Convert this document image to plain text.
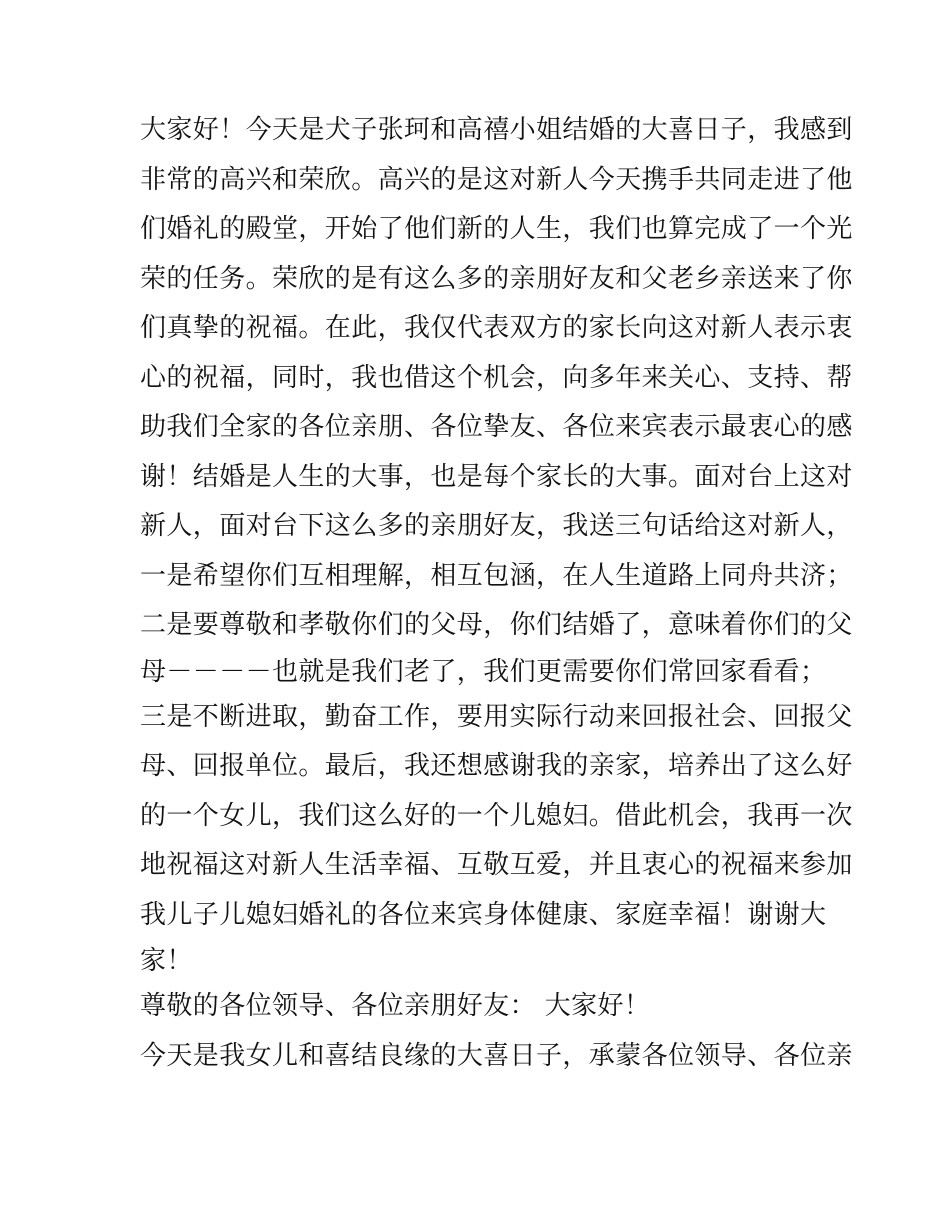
大家好！今天是犬子张珂和高禧小姐结婚的大喜日子，我感到
非常的高兴和荣欣。高兴的是这对新人今天携手共同走进了他
们婚礼的殿堂，开始了他们新的人生，我们也算完成了一个光
荣的任务。荣欣的是有这么多的亲朋好友和父老乡亲送来了你
们真挚的祝福。在此，我仅代表双方的家长向这对新人表示衷
心的祝福，同时，我也借这个机会，向多年来关心、支持、帮
助我们全家的各位亲朋、各位挚友、各位来宾表示最衷心的感
谢！结婚是人生的大事，也是每个家长的大事。面对台上这对
新人，面对台下这么多的亲朋好友，我送三句话给这对新人，
一是希望你们互相理解，相互包涵，在人生道路上同舟共济；
二是要尊敬和孝敬你们的父母，你们结婚了，意味着你们的父
母－－－－也就是我们老了，我们更需要你们常回家看看；
三是不断进取，勤奋工作，要用实际行动来回报社会、回报父
母、回报单位。最后，我还想感谢我的亲家，培养出了这么好
的一个女儿，我们这么好的一个儿媳妇。借此机会，我再一次
地祝福这对新人生活幸福、互敬互爱，并且衷心的祝福来参加
我儿子儿媳妇婚礼的各位来宾身体健康、家庭幸福！谢谢大
家！
尊敬的各位领导、各位亲朋好友： 大家好！
今天是我女儿和喜结良缘的大喜日子，承蒙各位领导、各位亲
